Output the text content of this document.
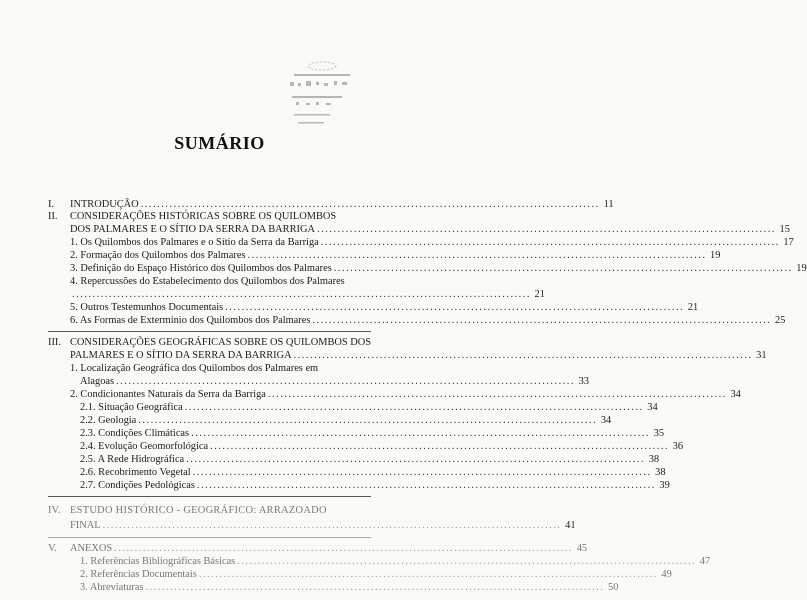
SUMÁRIO
I. INTRODUÇÃO ................................................................................................................ 11
II. CONSIDERAÇÕES HISTÓRICAS SOBRE OS QUILOMBOS
DOS PALMARES E O SÍTIO DA SERRA DA BARRIGA ................................................................................................................ 15
1. Os Quilombos dos Palmares e o Sítio da Serra da Barriga ................................................................................................................ 17
2. Formação dos Quilombos dos Palmares ................................................................................................................ 19
3. Definição do Espaço Histórico dos Quilombos dos Palmares ................................................................................................................ 19
4. Repercussões do Estabelecimento dos Quilombos dos Palmares
................................................................................................................ 21
5. Outros Testemunhos Documentais ................................................................................................................ 21
6. As Formas de Extermínio dos Quilombos dos Palmares ................................................................................................................ 25
III. CONSIDERAÇÕES GEOGRÁFICAS SOBRE OS QUILOMBOS DOS
PALMARES E O SÍTIO DA SERRA DA BARRIGA ................................................................................................................ 31
1. Localização Geográfica dos Quilombos dos Palmares em
Alagoas ................................................................................................................ 33
2. Condicionantes Naturais da Serra da Barriga ................................................................................................................ 34
2.1. Situação Geográfica ................................................................................................................ 34
2.2. Geologia ................................................................................................................ 34
2.3. Condições Climáticas ................................................................................................................ 35
2.4. Evolução Geomorfológica ................................................................................................................ 36
2.5. A Rede Hidrográfica ................................................................................................................ 38
2.6. Recobrimento Vegetal ................................................................................................................ 38
2.7. Condições Pedológicas ................................................................................................................ 39
IV. ESTUDO HISTÓRICO - GEOGRÁFICO: ARRAZOADO
FINAL ................................................................................................................ 41
V. ANEXOS ................................................................................................................ 45
1. Referências Bibliográficas Básicas ................................................................................................................ 47
2. Referências Documentais ................................................................................................................ 49
3. Abreviaturas ................................................................................................................ 50
